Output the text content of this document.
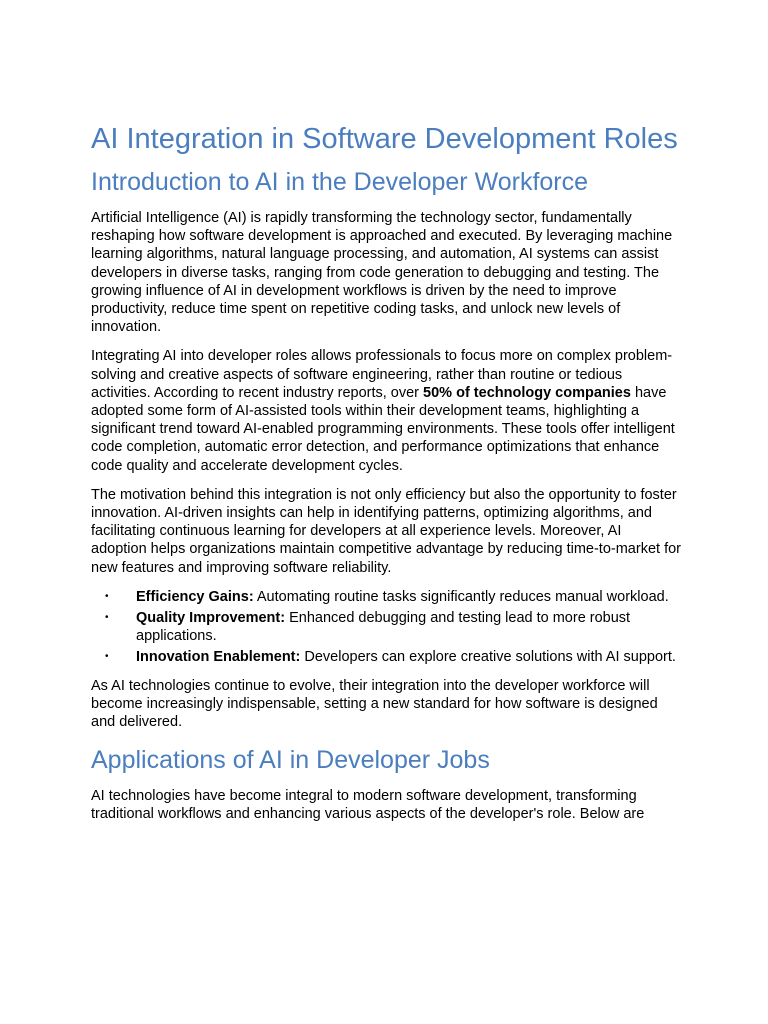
AI Integration in Software Development Roles
Introduction to AI in the Developer Workforce

Artificial Intelligence (AI) is rapidly transforming the technology sector, fundamentally reshaping how software development is approached and executed. By leveraging machine learning algorithms, natural language processing, and automation, AI systems can assist developers in diverse tasks, ranging from code generation to debugging and testing. The growing influence of AI in development workflows is driven by the need to improve productivity, reduce time spent on repetitive coding tasks, and unlock new levels of innovation.

Integrating AI into developer roles allows professionals to focus more on complex problem-solving and creative aspects of software engineering, rather than routine or tedious activities. According to recent industry reports, over 50% of technology companies have adopted some form of AI-assisted tools within their development teams, highlighting a significant trend toward AI-enabled programming environments. These tools offer intelligent code completion, automatic error detection, and performance optimizations that enhance code quality and accelerate development cycles.

The motivation behind this integration is not only efficiency but also the opportunity to foster innovation. AI-driven insights can help in identifying patterns, optimizing algorithms, and facilitating continuous learning for developers at all experience levels. Moreover, AI adoption helps organizations maintain competitive advantage by reducing time-to-market for new features and improving software reliability.

• Efficiency Gains: Automating routine tasks significantly reduces manual workload.
• Quality Improvement: Enhanced debugging and testing lead to more robust applications.
• Innovation Enablement: Developers can explore creative solutions with AI support.

As AI technologies continue to evolve, their integration into the developer workforce will become increasingly indispensable, setting a new standard for how software is designed and delivered.

Applications of AI in Developer Jobs

AI technologies have become integral to modern software development, transforming traditional workflows and enhancing various aspects of the developer's role. Below are
